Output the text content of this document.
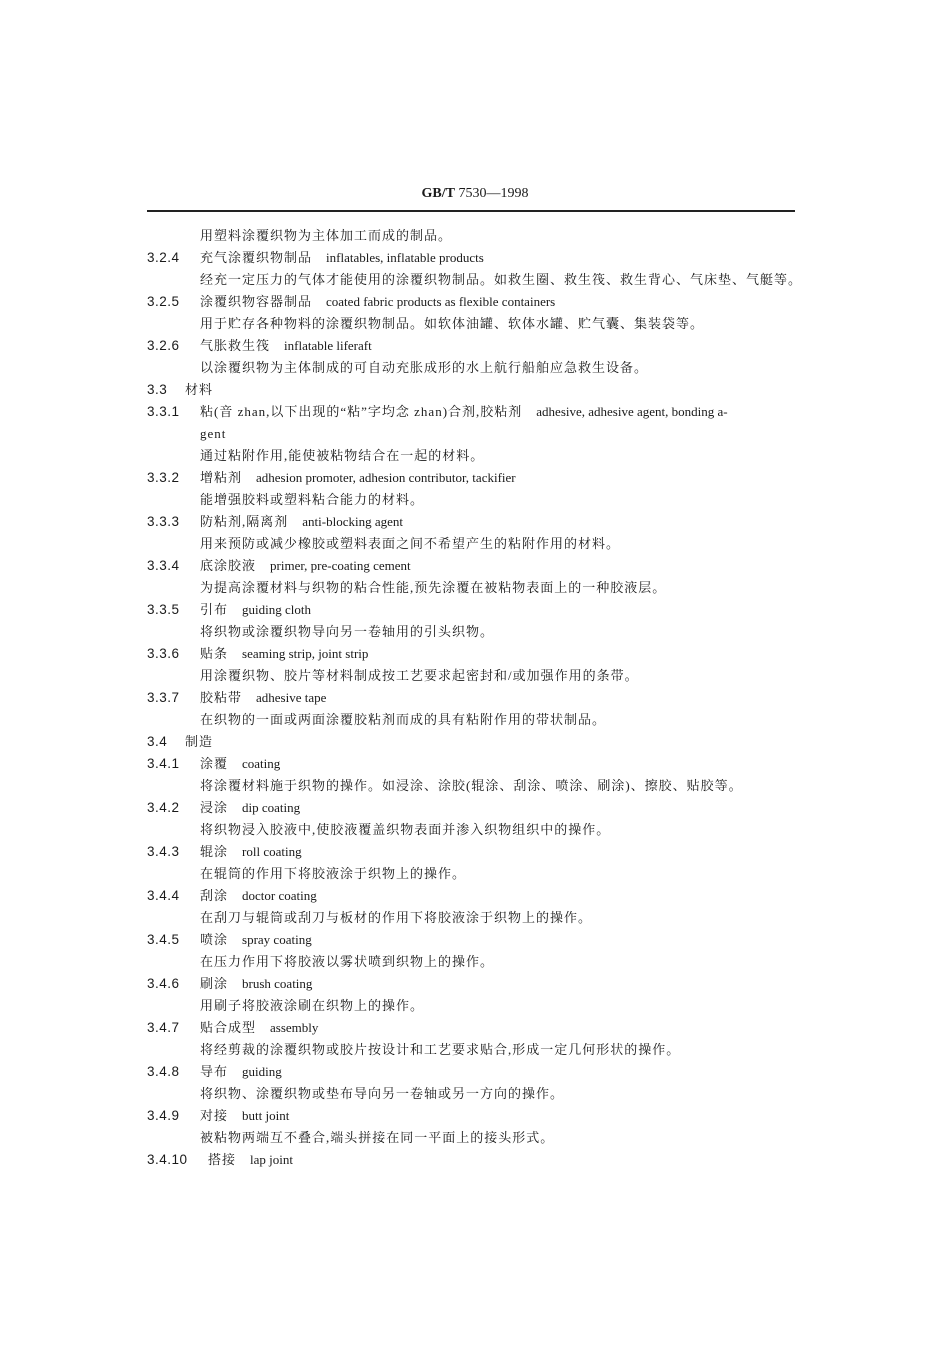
GB/T 7530—1998
用塑料涂覆织物为主体加工而成的制品。
3.2.4 充气涂覆织物制品 inflatables, inflatable products
经充一定压力的气体才能使用的涂覆织物制品。如救生圈、救生筏、救生背心、气床垫、气艇等。
3.2.5 涂覆织物容器制品 coated fabric products as flexible containers
用于贮存各种物料的涂覆织物制品。如软体油罐、软体水罐、贮气囊、集装袋等。
3.2.6 气胀救生筏 inflatable liferaft
以涂覆织物为主体制成的可自动充胀成形的水上航行船舶应急救生设备。
3.3 材料
3.3.1 粘(音 zhan,以下出现的“粘”字均念 zhan)合剂,胶粘剂 adhesive, adhesive agent, bonding a-
gent
通过粘附作用,能使被粘物结合在一起的材料。
3.3.2 增粘剂 adhesion promoter, adhesion contributor, tackifier
能增强胶料或塑料粘合能力的材料。
3.3.3 防粘剂,隔离剂 anti-blocking agent
用来预防或减少橡胶或塑料表面之间不希望产生的粘附作用的材料。
3.3.4 底涂胶液 primer, pre-coating cement
为提高涂覆材料与织物的粘合性能,预先涂覆在被粘物表面上的一种胶液层。
3.3.5 引布 guiding cloth
将织物或涂覆织物导向另一卷轴用的引头织物。
3.3.6 贴条 seaming strip, joint strip
用涂覆织物、胶片等材料制成按工艺要求起密封和/或加强作用的条带。
3.3.7 胶粘带 adhesive tape
在织物的一面或两面涂覆胶粘剂而成的具有粘附作用的带状制品。
3.4 制造
3.4.1 涂覆 coating
将涂覆材料施于织物的操作。如浸涂、涂胶(辊涂、刮涂、喷涂、刷涂)、擦胶、贴胶等。
3.4.2 浸涂 dip coating
将织物浸入胶液中,使胶液覆盖织物表面并渗入织物组织中的操作。
3.4.3 辊涂 roll coating
在辊筒的作用下将胶液涂于织物上的操作。
3.4.4 刮涂 doctor coating
在刮刀与辊筒或刮刀与板材的作用下将胶液涂于织物上的操作。
3.4.5 喷涂 spray coating
在压力作用下将胶液以雾状喷到织物上的操作。
3.4.6 刷涂 brush coating
用刷子将胶液涂刷在织物上的操作。
3.4.7 贴合成型 assembly
将经剪裁的涂覆织物或胶片按设计和工艺要求贴合,形成一定几何形状的操作。
3.4.8 导布 guiding
将织物、涂覆织物或垫布导向另一卷轴或另一方向的操作。
3.4.9 对接 butt joint
被粘物两端互不叠合,端头拼接在同一平面上的接头形式。
3.4.10 搭接 lap joint
